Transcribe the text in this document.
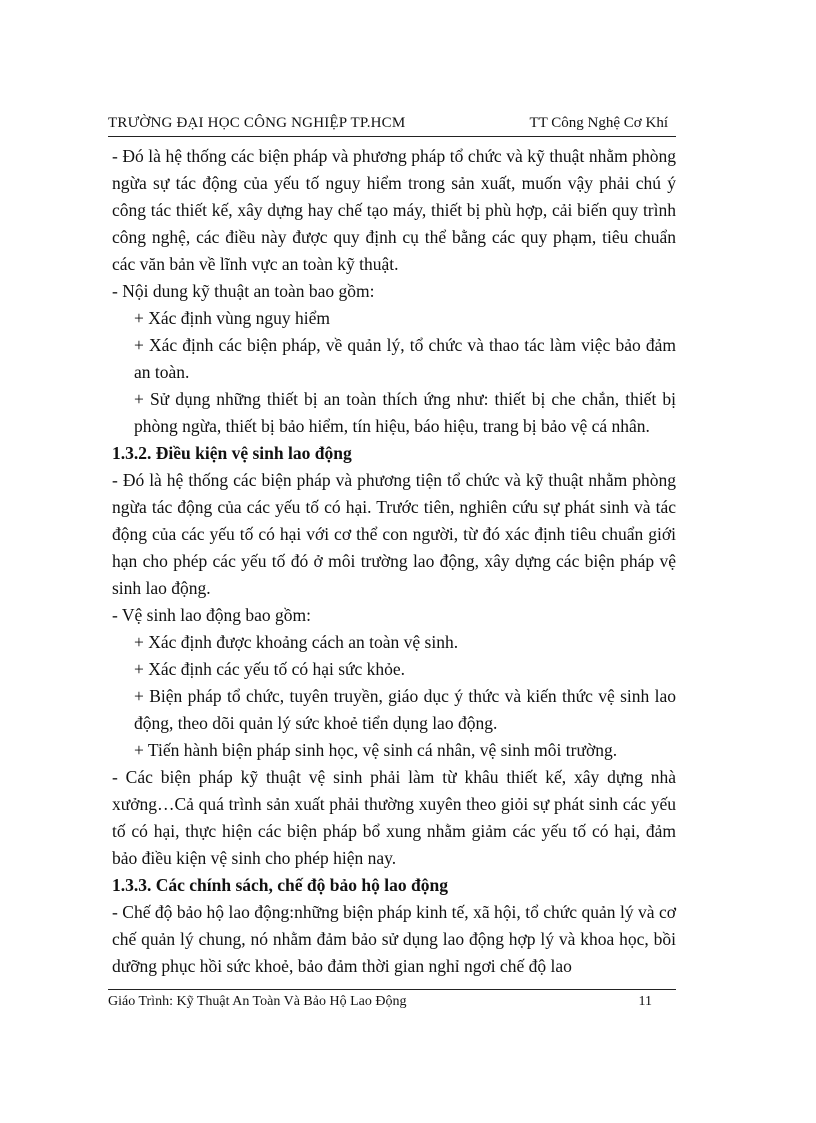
TRƯỜNG ĐẠI HỌC CÔNG NGHIỆP TP.HCM	TT Công Nghệ Cơ Khí

- Đó là hệ thống các biện pháp và phương pháp tổ chức và kỹ thuật nhằm phòng ngừa sự tác động của yếu tố nguy hiểm trong sản xuất, muốn vậy phải chú ý công tác thiết kế, xây dựng hay chế tạo máy, thiết bị phù hợp, cải biến quy trình công nghệ, các điều này được quy định cụ thể bằng các quy phạm, tiêu chuẩn các văn bản về lĩnh vực an toàn kỹ thuật.

- Nội dung kỹ thuật an toàn bao gồm:

+ Xác định vùng nguy hiểm

+ Xác định các biện pháp, về quản lý, tổ chức và thao tác làm việc bảo đảm an toàn.

+ Sử dụng những thiết bị an toàn thích ứng như: thiết bị che chắn, thiết bị phòng ngừa, thiết bị bảo hiểm, tín hiệu, báo hiệu, trang bị bảo vệ cá nhân.

1.3.2. Điều kiện vệ sinh lao động

- Đó là hệ thống các biện pháp và phương tiện tổ chức và kỹ thuật nhằm phòng ngừa tác động của các yếu tố có hại. Trước tiên, nghiên cứu sự phát sinh và tác động của các yếu tố có hại với cơ thể con người, từ đó xác định tiêu chuẩn giới hạn cho phép các yếu tố đó ở môi trường lao động, xây dựng các biện pháp vệ sinh lao động.

- Vệ sinh lao động bao gồm:

+ Xác định được khoảng cách an toàn vệ sinh.

+ Xác định các yếu tố có hại sức khỏe.

+ Biện pháp tổ chức, tuyên truyền, giáo dục ý thức và kiến thức vệ sinh lao động, theo dõi quản lý sức khoẻ tiển dụng lao động.

+ Tiến hành biện pháp sinh học, vệ sinh cá nhân, vệ sinh môi trường.

- Các biện pháp kỹ thuật vệ sinh phải làm từ khâu thiết kế, xây dựng nhà xưởng…Cả quá trình sản xuất phải thường xuyên theo giỏi sự phát sinh các yếu tố có hại, thực hiện các biện pháp bổ xung nhằm giảm các yếu tố có hại, đảm bảo điều kiện vệ sinh cho phép hiện nay.

1.3.3. Các chính sách, chế độ bảo hộ lao động

- Chế độ bảo hộ lao động:những biện pháp kinh tế, xã hội, tổ chức quản lý và cơ chế quản lý chung, nó nhằm đảm bảo sử dụng lao động hợp lý và khoa học, bồi dưỡng phục hồi sức khoẻ, bảo đảm thời gian nghỉ ngơi chế độ lao

Giáo Trình: Kỹ Thuật An Toàn Và Bảo Hộ Lao Động	11
